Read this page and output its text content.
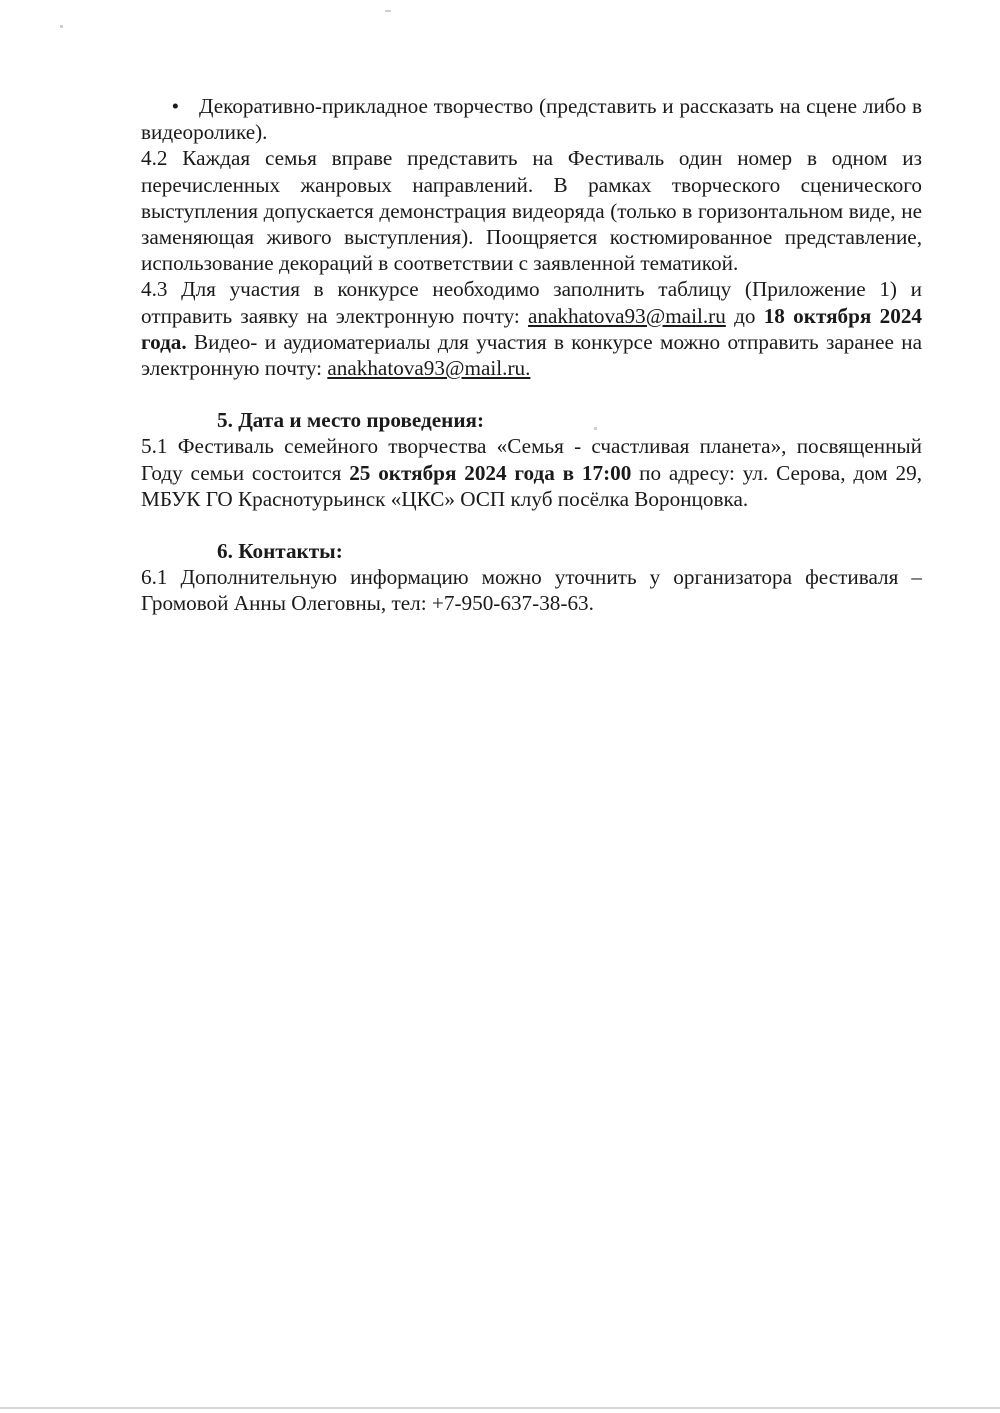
• Декоративно-прикладное творчество (представить и рассказать на сцене либо в видеоролике).

4.2 Каждая семья вправе представить на Фестиваль один номер в одном из перечисленных жанровых направлений. В рамках творческого сценического выступления допускается демонстрация видеоряда (только в горизонтальном виде, не заменяющая живого выступления). Поощряется костюмированное представление, использование декораций в соответствии с заявленной тематикой.

4.3 Для участия в конкурсе необходимо заполнить таблицу (Приложение 1) и отправить заявку на электронную почту: anakhatova93@mail.ru до 18 октября 2024 года. Видео- и аудиоматериалы для участия в конкурсе можно отправить заранее на электронную почту: anakhatova93@mail.ru.

5. Дата и место проведения:

5.1 Фестиваль семейного творчества «Семья - счастливая планета», посвященный Году семьи состоится 25 октября 2024 года в 17:00 по адресу: ул. Серова, дом 29, МБУК ГО Краснотурьинск «ЦКС» ОСП клуб посёлка Воронцовка.

6. Контакты:

6.1 Дополнительную информацию можно уточнить у организатора фестиваля – Громовой Анны Олеговны, тел: +7-950-637-38-63.
